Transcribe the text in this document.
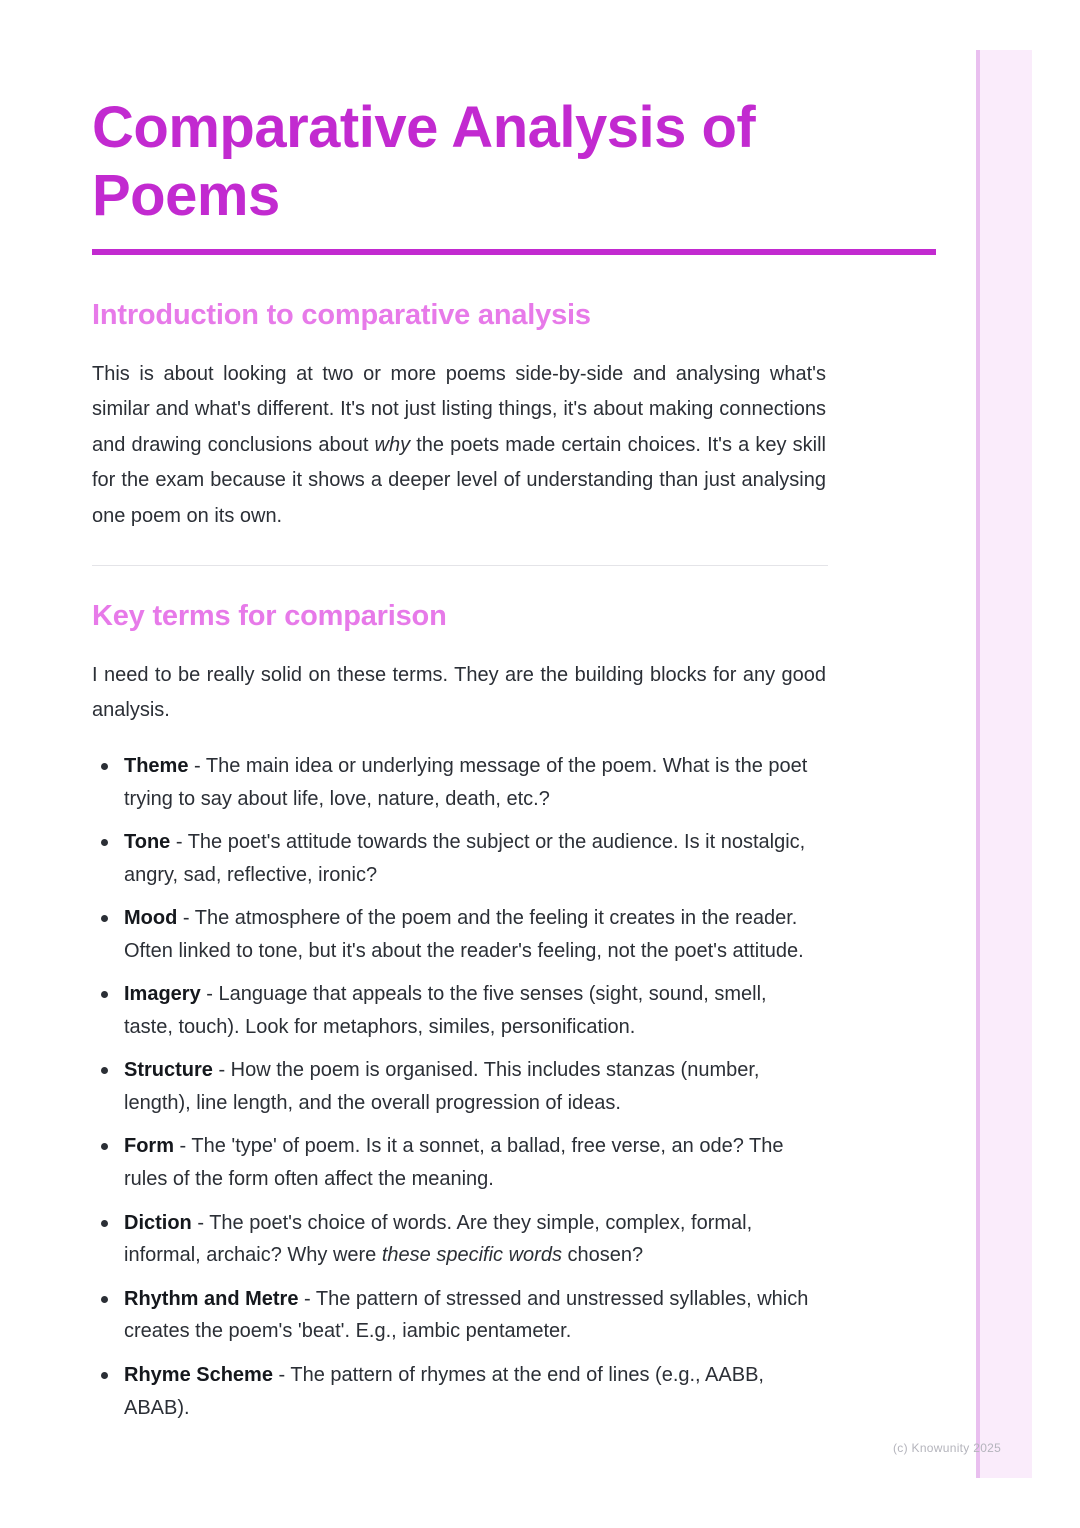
Comparative Analysis of Poems
Introduction to comparative analysis

This is about looking at two or more poems side-by-side and analysing what's similar and what's different. It's not just listing things, it's about making connections and drawing conclusions about why the poets made certain choices. It's a key skill for the exam because it shows a deeper level of understanding than just analysing one poem on its own.

Key terms for comparison

I need to be really solid on these terms. They are the building blocks for any good analysis.

Theme - The main idea or underlying message of the poem. What is the poet trying to say about life, love, nature, death, etc.?
Tone - The poet's attitude towards the subject or the audience. Is it nostalgic, angry, sad, reflective, ironic?
Mood - The atmosphere of the poem and the feeling it creates in the reader. Often linked to tone, but it's about the reader's feeling, not the poet's attitude.
Imagery - Language that appeals to the five senses (sight, sound, smell, taste, touch). Look for metaphors, similes, personification.
Structure - How the poem is organised. This includes stanzas (number, length), line length, and the overall progression of ideas.
Form - The 'type' of poem. Is it a sonnet, a ballad, free verse, an ode? The rules of the form often affect the meaning.
Diction - The poet's choice of words. Are they simple, complex, formal, informal, archaic? Why were these specific words chosen?
Rhythm and Metre - The pattern of stressed and unstressed syllables, which creates the poem's 'beat'. E.g., iambic pentameter.
Rhyme Scheme - The pattern of rhymes at the end of lines (e.g., AABB, ABAB).
(c) Knowunity 2025
